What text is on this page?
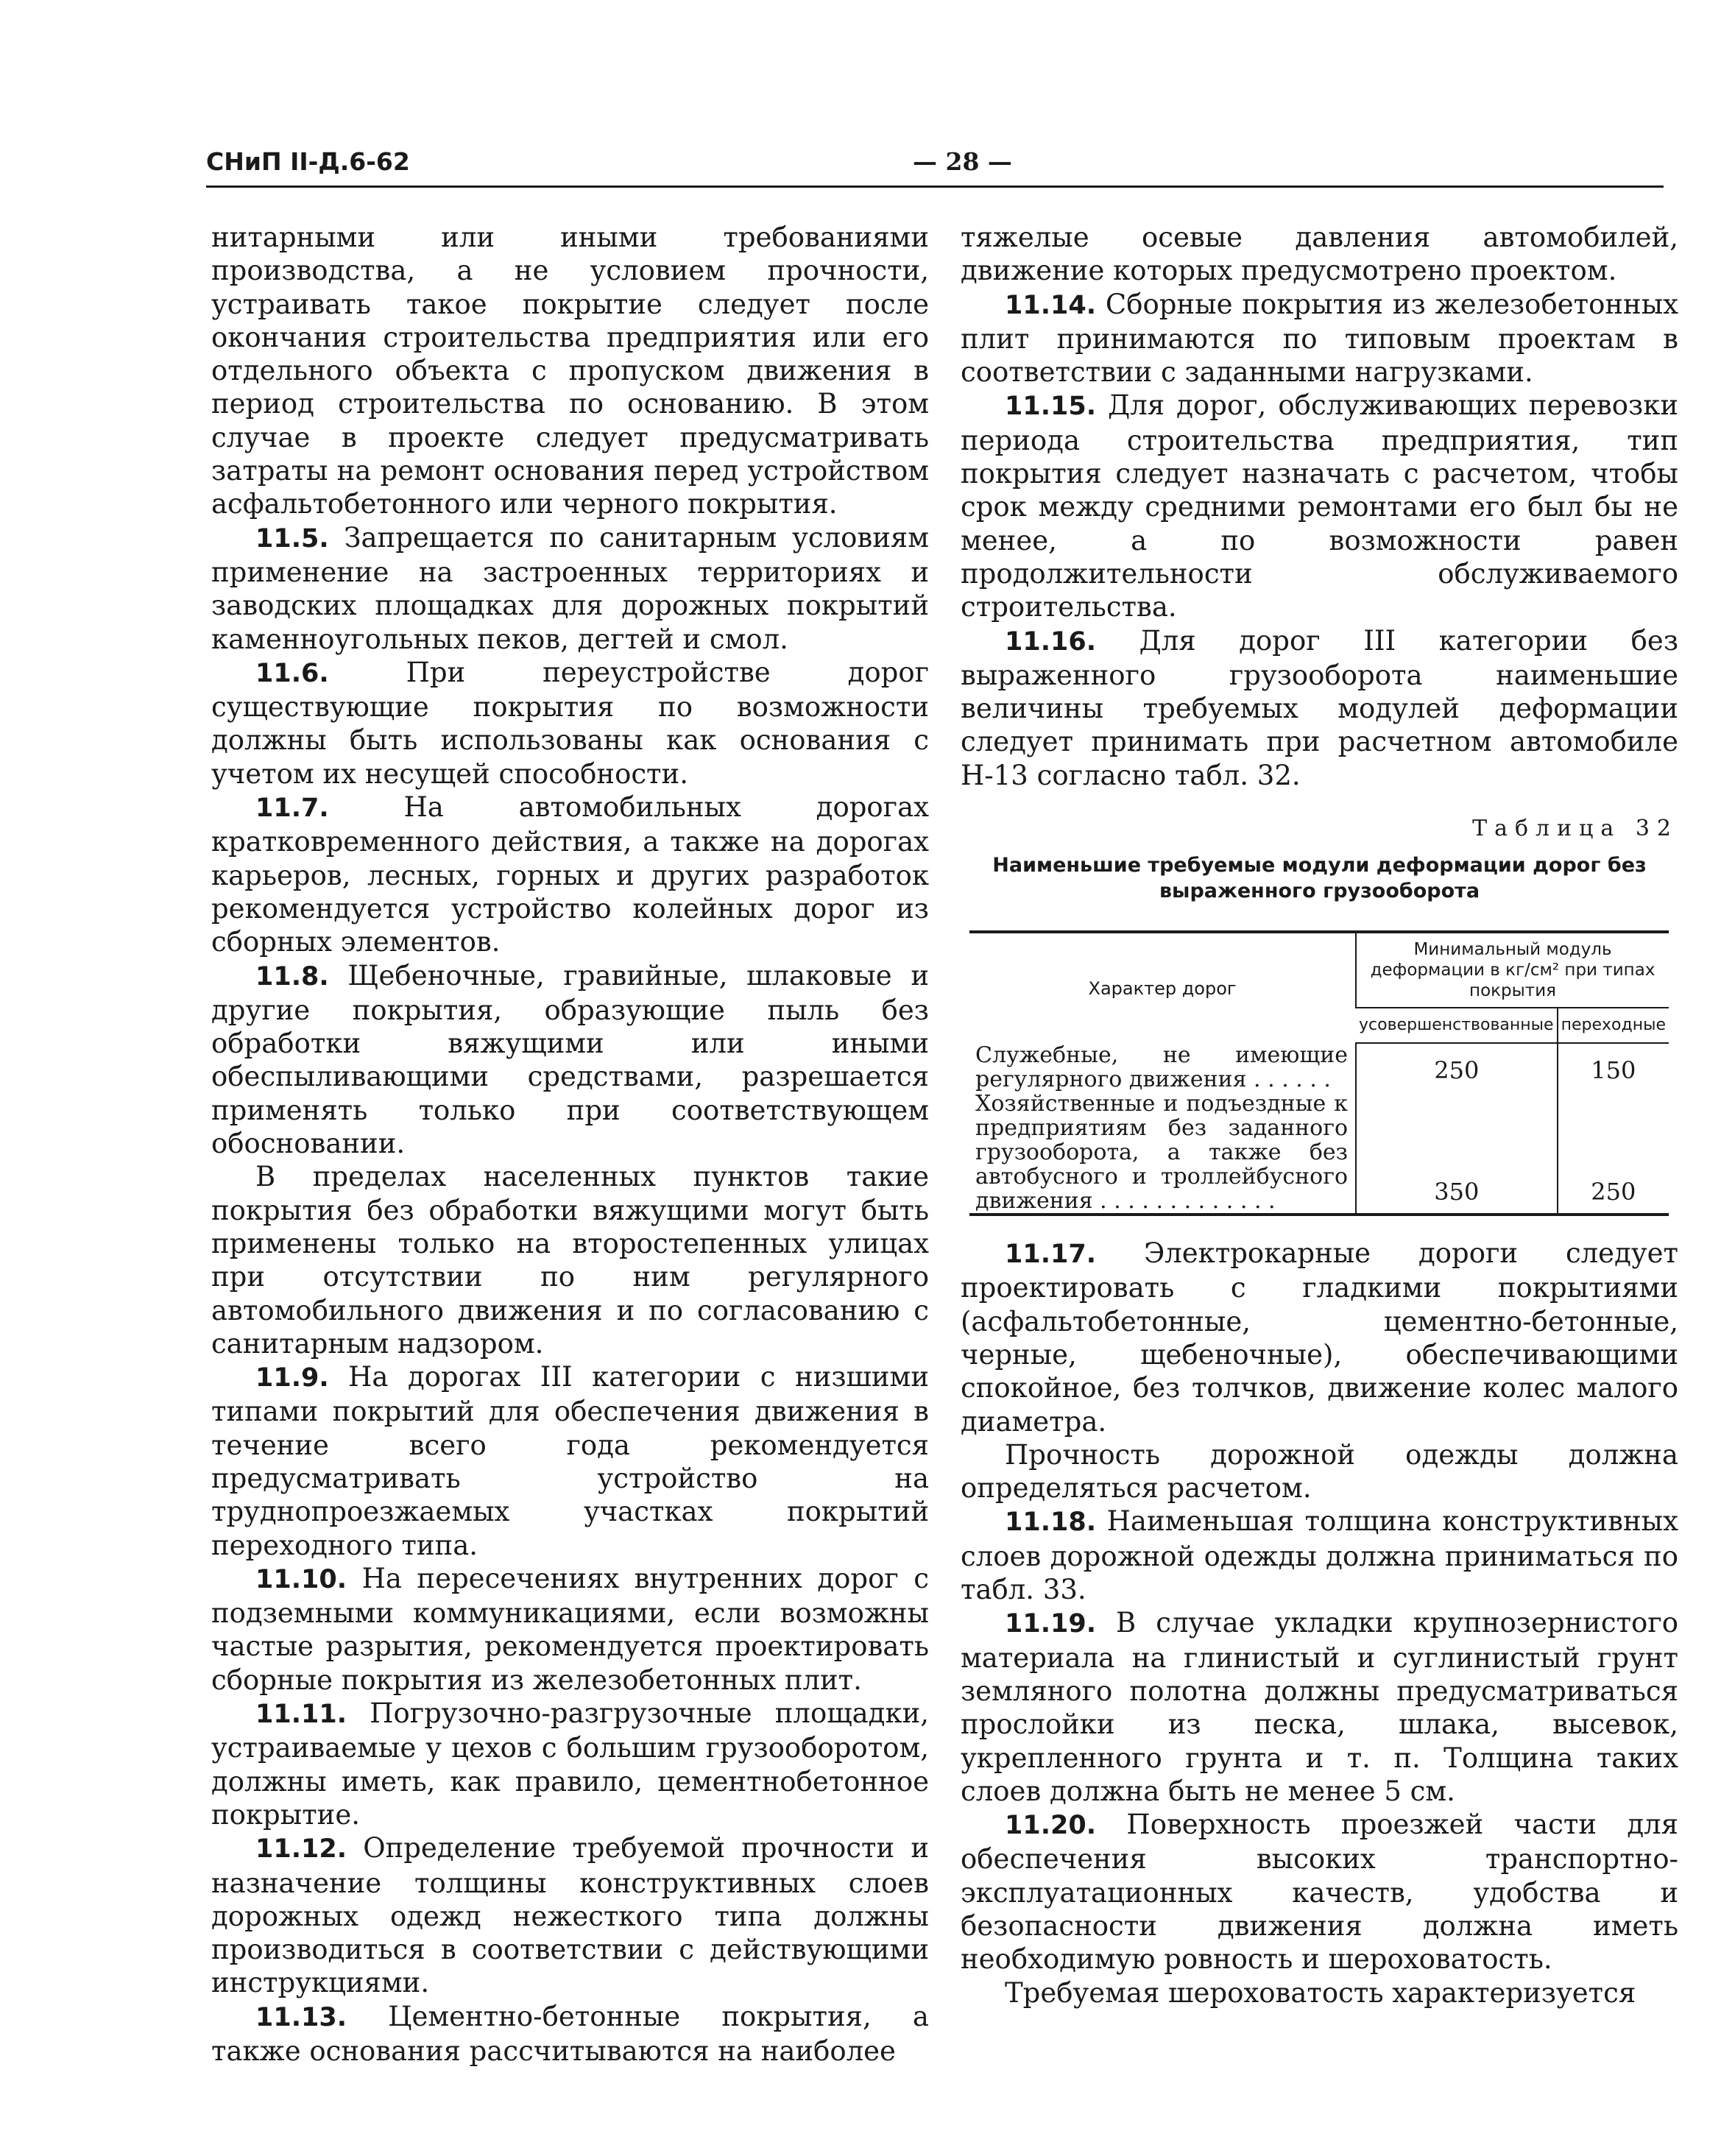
СНиП II-Д.6-62	— 28 —

нитарными или иными требованиями производства, а не условием прочности, устраивать такое покрытие следует после окончания строительства предприятия или его отдельного объекта с пропуском движения в период строительства по основанию. В этом случае в проекте следует предусматривать затраты на ремонт основания перед устройством асфальтобетонного или черного покрытия.

11.5. Запрещается по санитарным условиям применение на застроенных территориях и заводских площадках для дорожных покрытий каменноугольных пеков, дегтей и смол.

11.6.	При переустройстве дорог существующие покрытия по возможности должны быть использованы как основания с учетом их несущей способности.

11.7.	На автомобильных дорогах кратковременного действия, а также на дорогах карьеров, лесных, горных и других разработок рекомендуется устройство колейных дорог из сборных элементов.

11.8. Щебеночные, гравийные, шлаковые и другие покрытия, образующие пыль без обработки вяжущими или иными обеспыливающими средствами, разрешается применять только при соответствующем обосновании.

В пределах населенных пунктов такие покрытия без обработки вяжущими могут быть применены только на второстепенных улицах при отсутствии по ним регулярного автомобильного движения и по согласованию с санитарным надзором.

11.9. На дорогах III категории с низшими типами покрытий для обеспечения движения в течение всего года рекомендуется предусматривать устройство на труднопроезжаемых участках покрытий переходного типа.

11.10. На пересечениях внутренних дорог с подземными коммуникациями, если возможны частые разрытия, рекомендуется проектировать сборные покрытия из железобетонных плит.

11.11. Погрузочно-разгрузочные площадки, устраиваемые у цехов с большим грузооборотом, должны иметь, как правило, цементнобетонное покрытие.

11.12. Определение требуемой прочности и назначение толщины конструктивных слоев дорожных одежд нежесткого типа должны производиться в соответствии с действующими инструкциями.

11.13. Цементно-бетонные покрытия, а также основания рассчитываются на наиболее

тяжелые осевые давления автомобилей, движение которых предусмотрено проектом.

11.14. Сборные покрытия из железобетонных плит принимаются по типовым проектам в соответствии с заданными нагрузками.

11.15. Для дорог, обслуживающих перевозки периода строительства предприятия, тип покрытия следует назначать с расчетом, чтобы срок между средними ремонтами его был бы не менее, а по возможности равен продолжительности обслуживаемого строительства.

11.16. Для дорог III категории без выраженного грузооборота наименьшие величины требуемых модулей деформации следует принимать при расчетном автомобиле Н-13 согласно табл. 32.

Таблица 32
Наименьшие требуемые модули деформации дорог без выраженного грузооборота
Характер дорог	Минимальный модуль деформации в кг/см² при типах покрытия	
	усовершенствованные	переходные
Служебные, не имеющие регулярного движения . . . . . .	250	150
Хозяйственные и подъездные к предприятиям без заданного грузооборота, а также без автобусного и троллейбусного движения . . . . . . . . . . . . .	350	250

11.17. Электрокарные дороги следует проектировать с гладкими покрытиями (асфальтобетонные, цементно-бетонные, черные, щебеночные), обеспечивающими спокойное, без толчков, движение колес малого диаметра.

Прочность дорожной одежды должна определяться расчетом.

11.18. Наименьшая толщина конструктивных слоев дорожной одежды должна приниматься по табл. 33.

11.19. В случае укладки крупнозернистого материала на глинистый и суглинистый грунт земляного полотна должны предусматриваться прослойки из песка, шлака, высевок, укрепленного грунта и т. п. Толщина таких слоев должна быть не менее 5 см.

11.20. Поверхность проезжей части для обеспечения высоких транспортно-эксплуатационных качеств, удобства и безопасности движения должна иметь необходимую ровность и шероховатость.

Требуемая шероховатость характеризуется
